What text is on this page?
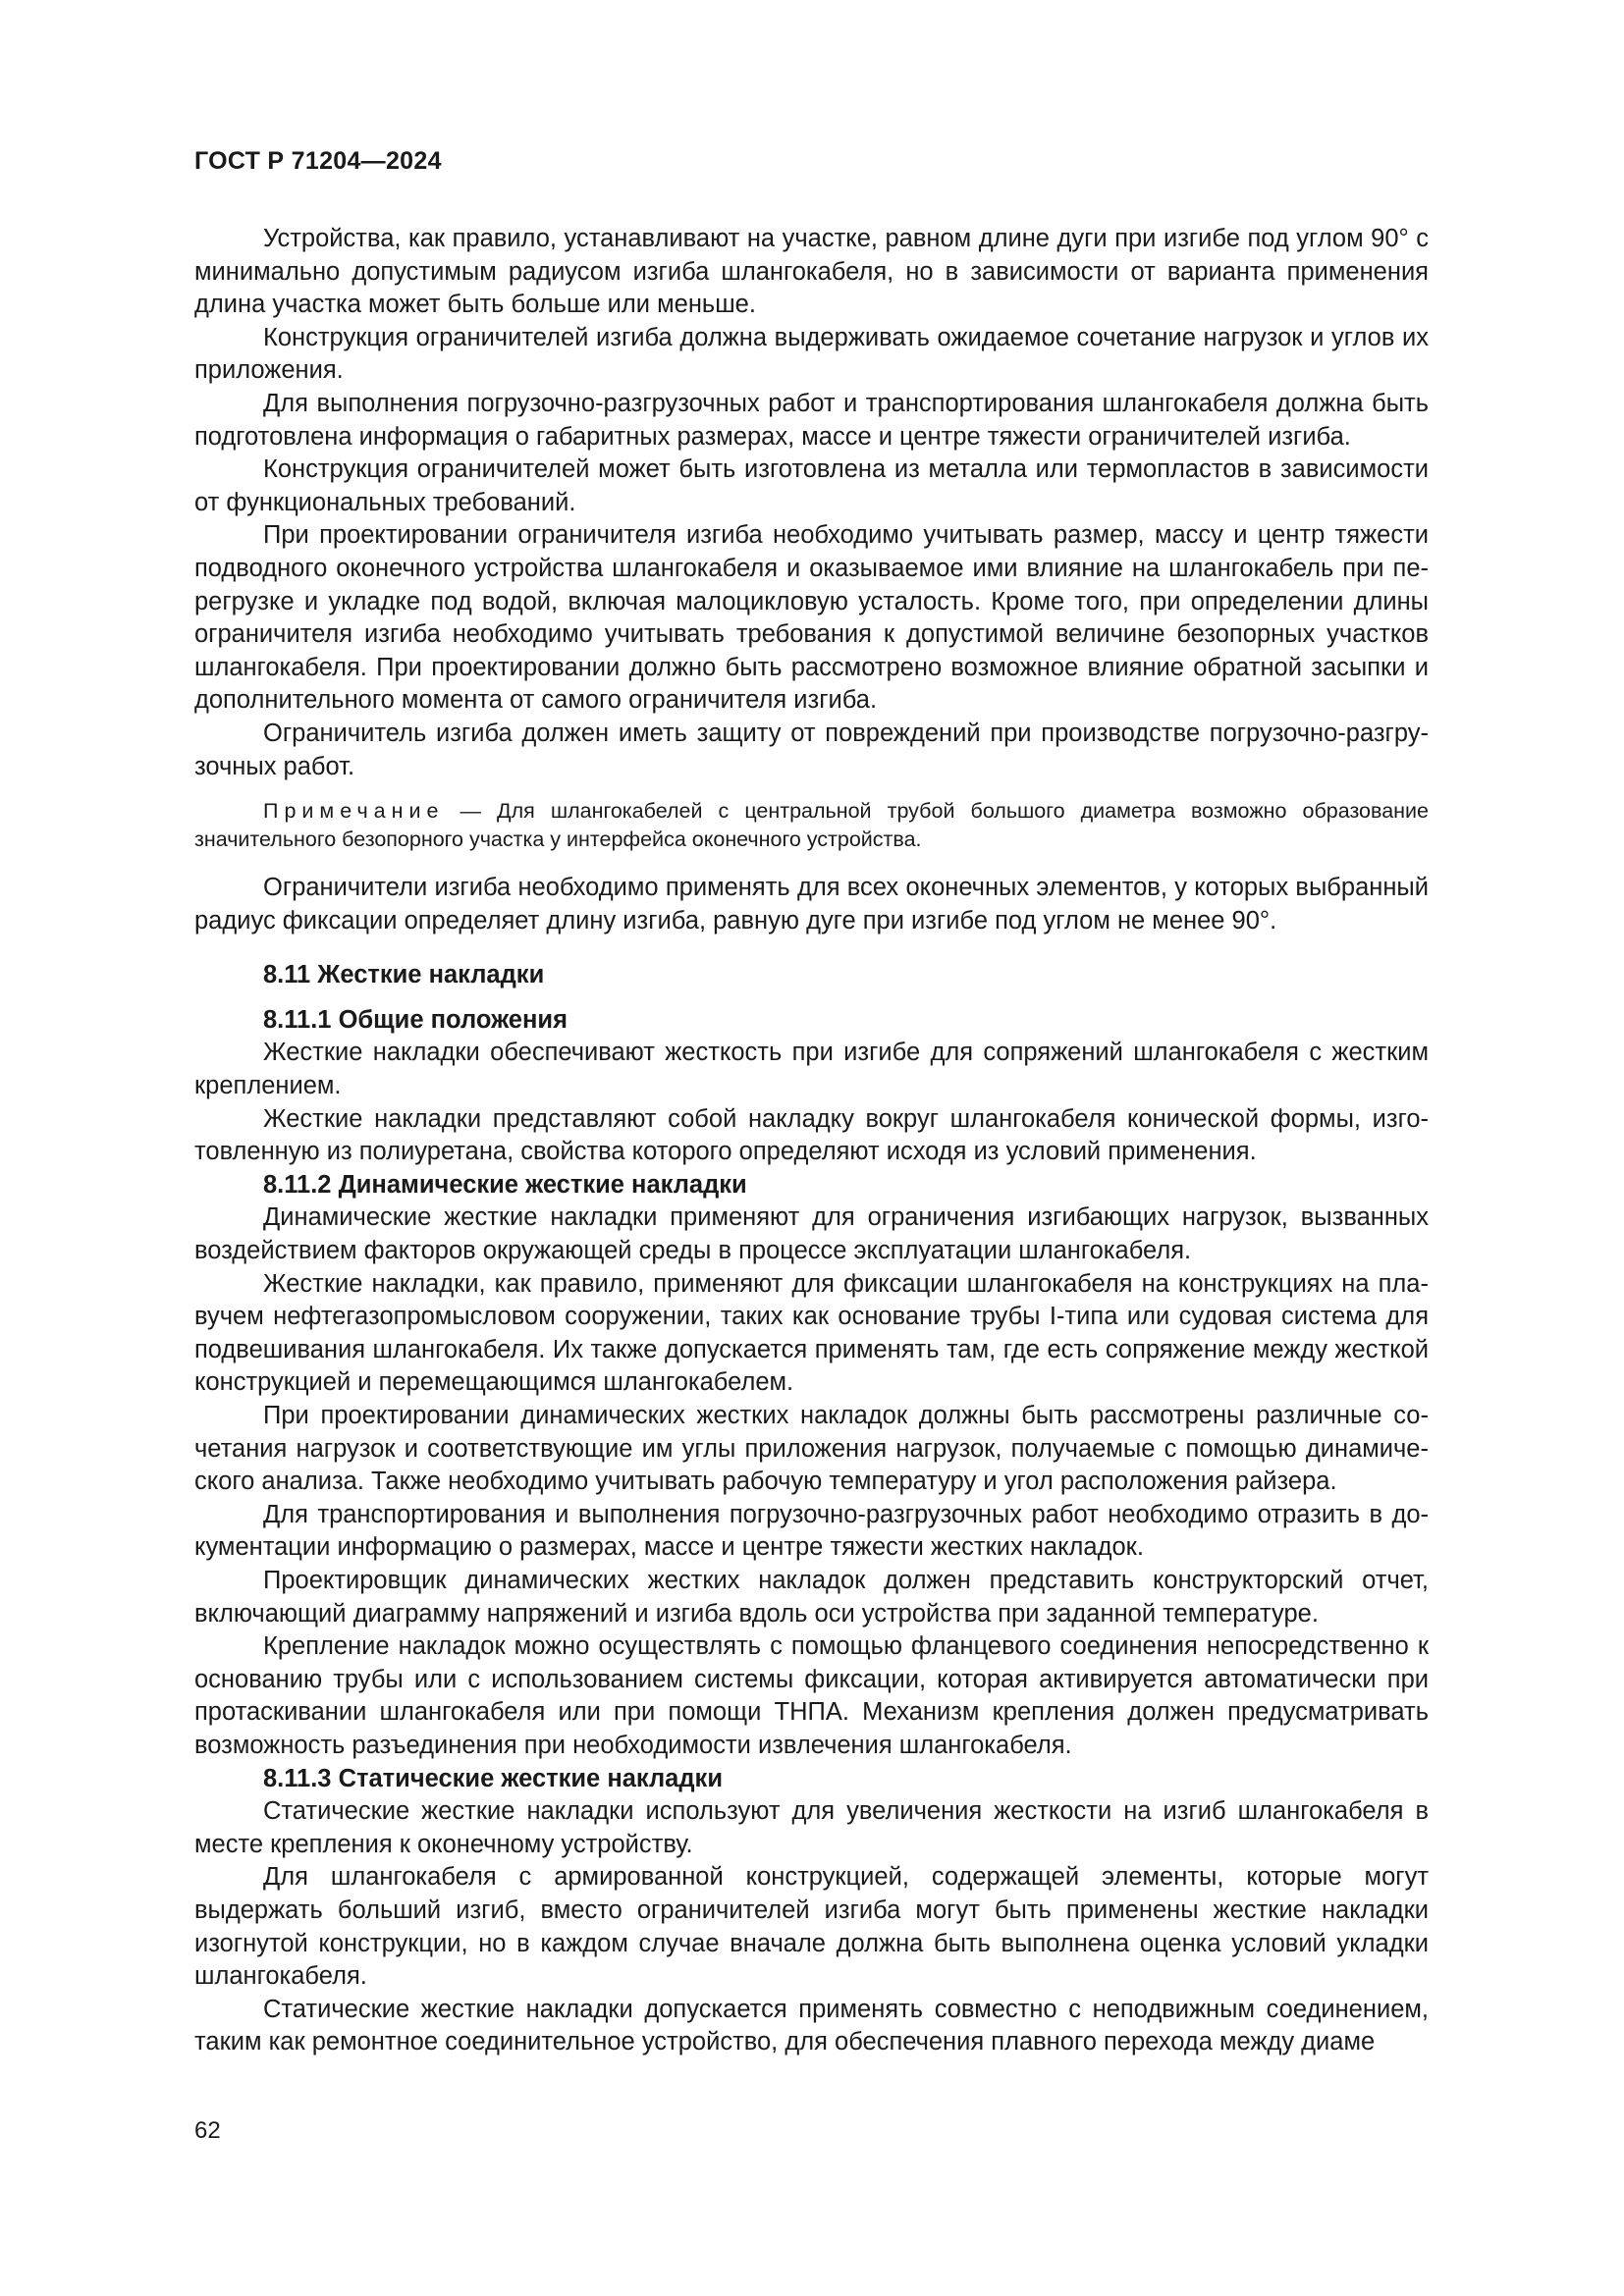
ГОСТ Р 71204—2024

Устройства, как правило, устанавливают на участке, равном длине дуги при изгибе под углом 90° с минимально допустимым радиусом изгиба шлангокабеля, но в зависимости от варианта применения длина участка может быть больше или меньше.

Конструкция ограничителей изгиба должна выдерживать ожидаемое сочетание нагрузок и углов их приложения.

Для выполнения погрузочно-разгрузочных работ и транспортирования шлангокабеля должна быть подготовлена информация о габаритных размерах, массе и центре тяжести ограничителей изгиба.

Конструкция ограничителей может быть изготовлена из металла или термопластов в зависимости от функциональных требований.

При проектировании ограничителя изгиба необходимо учитывать размер, массу и центр тяжести подводного оконечного устройства шлангокабеля и оказываемое ими влияние на шлангокабель при перегрузке и укладке под водой, включая малоцикловую усталость. Кроме того, при определении длины ограничителя изгиба необходимо учитывать требования к допустимой величине безопорных участков шлангокабеля. При проектировании должно быть рассмотрено возможное влияние обратной засыпки и дополнительного момента от самого ограничителя изгиба.

Ограничитель изгиба должен иметь защиту от повреждений при производстве погрузочно-разгрузочных работ.

Примечание — Для шлангокабелей с центральной трубой большого диаметра возможно образование значительного безопорного участка у интерфейса оконечного устройства.

Ограничители изгиба необходимо применять для всех оконечных элементов, у которых выбранный радиус фиксации определяет длину изгиба, равную дуге при изгибе под углом не менее 90°.

8.11 Жесткие накладки
8.11.1 Общие положения

Жесткие накладки обеспечивают жесткость при изгибе для сопряжений шлангокабеля с жестким креплением.

Жесткие накладки представляют собой накладку вокруг шлангокабеля конической формы, изготовленную из полиуретана, свойства которого определяют исходя из условий применения.

8.11.2 Динамические жесткие накладки

Динамические жесткие накладки применяют для ограничения изгибающих нагрузок, вызванных воздействием факторов окружающей среды в процессе эксплуатации шлангокабеля.

Жесткие накладки, как правило, применяют для фиксации шлангокабеля на конструкциях на плавучем нефтегазопромысловом сооружении, таких как основание трубы I-типа или судовая система для подвешивания шлангокабеля. Их также допускается применять там, где есть сопряжение между жесткой конструкцией и перемещающимся шлангокабелем.

При проектировании динамических жестких накладок должны быть рассмотрены различные сочетания нагрузок и соответствующие им углы приложения нагрузок, получаемые с помощью динамического анализа. Также необходимо учитывать рабочую температуру и угол расположения райзера.

Для транспортирования и выполнения погрузочно-разгрузочных работ необходимо отразить в документации информацию о размерах, массе и центре тяжести жестких накладок.

Проектировщик динамических жестких накладок должен представить конструкторский отчет, включающий диаграмму напряжений и изгиба вдоль оси устройства при заданной температуре.

Крепление накладок можно осуществлять с помощью фланцевого соединения непосредственно к основанию трубы или с использованием системы фиксации, которая активируется автоматически при протаскивании шлангокабеля или при помощи ТНПА. Механизм крепления должен предусматривать возможность разъединения при необходимости извлечения шлангокабеля.

8.11.3 Статические жесткие накладки

Статические жесткие накладки используют для увеличения жесткости на изгиб шлангокабеля в месте крепления к оконечному устройству.

Для шлангокабеля с армированной конструкцией, содержащей элементы, которые могут выдержать больший изгиб, вместо ограничителей изгиба могут быть применены жесткие накладки изогнутой конструкции, но в каждом случае вначале должна быть выполнена оценка условий укладки шлангокабеля.

Статические жесткие накладки допускается применять совместно с неподвижным соединением, таким как ремонтное соединительное устройство, для обеспечения плавного перехода между диаме

62
